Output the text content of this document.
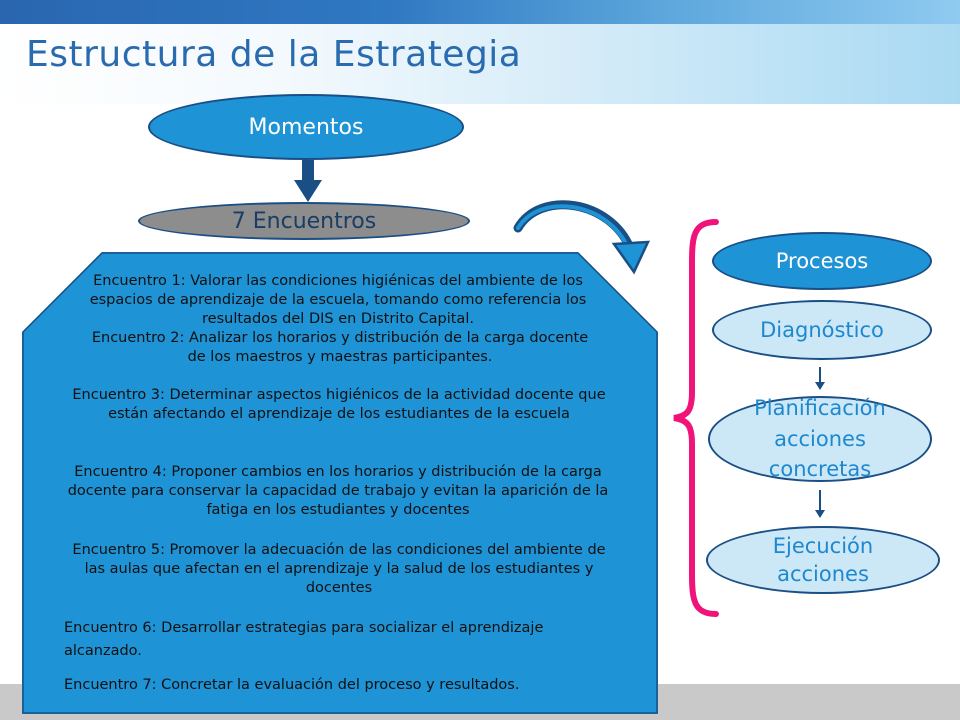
Estructura de la Estrategia
Momentos
7 Encuentros
Encuentro 1: Valorar las condiciones higiénicas del ambiente de los espacios de aprendizaje de la escuela, tomando como referencia los resultados del DIS en Distrito Capital.
Encuentro 2: Analizar los horarios y distribución de la carga docente de los maestros y maestras participantes.
Encuentro 3: Determinar aspectos higiénicos de la actividad docente que están afectando el aprendizaje de los estudiantes de la escuela
Encuentro 4: Proponer cambios en los horarios y distribución de la carga docente para conservar la capacidad de trabajo y evitan la aparición de la fatiga en los estudiantes y docentes
Encuentro 5: Promover la adecuación de las condiciones del ambiente de las aulas que afectan en el aprendizaje y la salud de los estudiantes y docentes
Encuentro 6: Desarrollar estrategias para socializar el aprendizaje alcanzado.
Encuentro 7: Concretar la evaluación del proceso y resultados.
Procesos
Diagnóstico
Planificación acciones concretas
Ejecución acciones
